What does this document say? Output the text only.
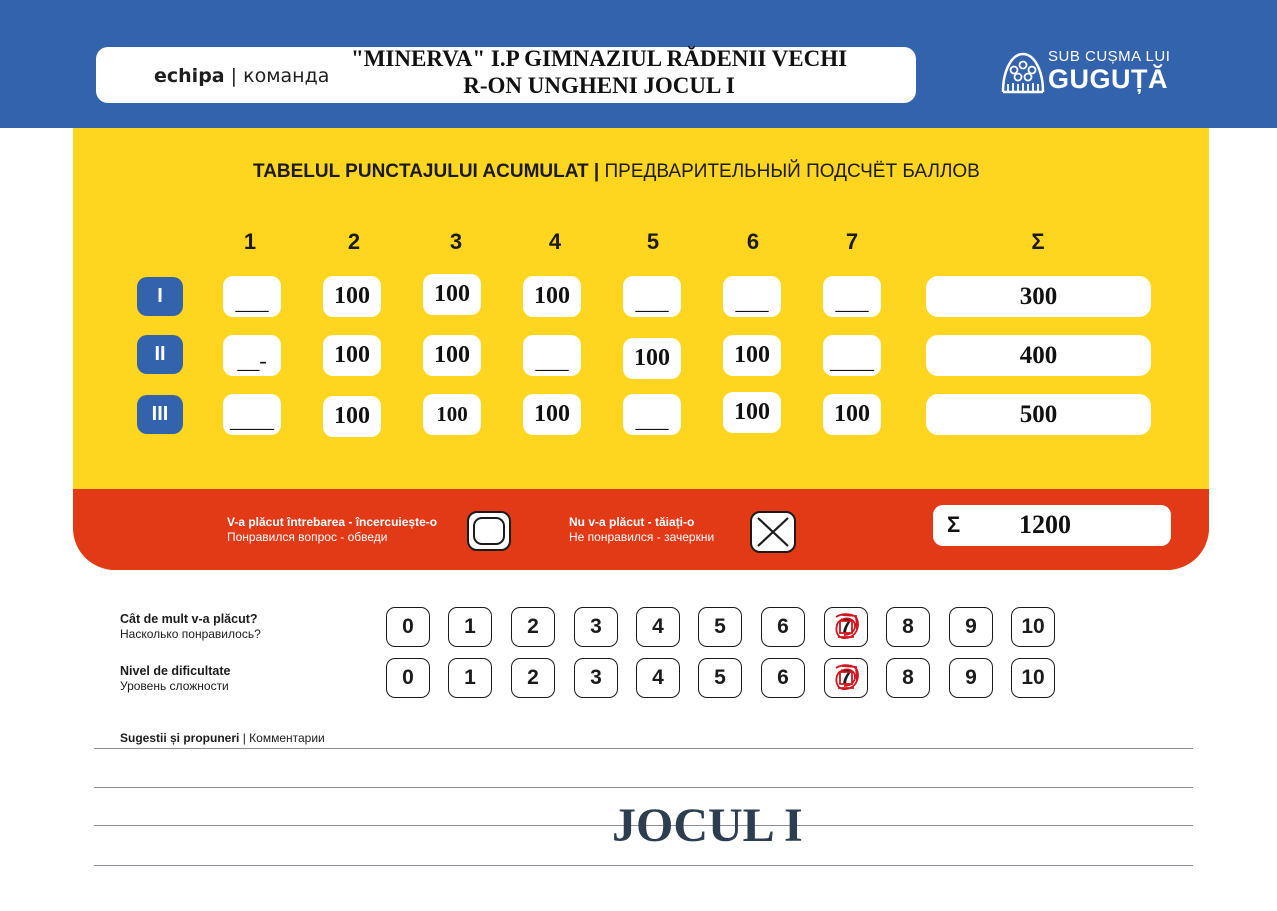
echipa | команда
"MINERVA" I.P GIMNAZIUL RĂDENII VECHI
R-ON UNGHENI JOCUL I
SUB CUȘMA LUI
GUGUȚĂ
TABELUL PUNCTAJULUI ACUMULAT | ПРЕДВАРИТЕЛЬНЫЙ ПОДСЧЁТ БАЛЛОВ
1	2	3	4	5	6	7	Σ
I	___	100	100	100	___	___	___	300
II	__-	100	100	___	100	100	____	400
III	____	100	100	100	___	100	100	500
V-a plăcut întrebarea - încercuiește-o
Понравился вопрос - обведи
Nu v-a plăcut - tăiați-o
Не понравился - зачеркни	Σ 1200
Cât de mult v-a plăcut?
Насколько понравилось?
Nivel de dificultate
Уровень сложности
0	1	2	3	4	5	6	7	8	9	10
0	1	2	3	4	5	6	7	8	9	10
Sugestii și propuneri | Комментарии
JOCUL I
